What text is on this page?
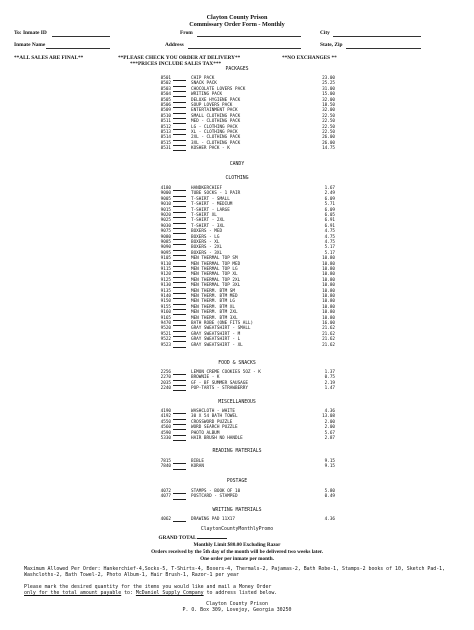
Clayton County Prison
Commissary Order Form - Monthly
To: Inmate ID	From	City
Inmate Name	Address	State, Zip
**ALL SALES ARE FINAL**	**PLEASE CHECK YOU ORDER AT DELIVERY**
***PRICES INCLUDE SALES TAX***
**NO EXCHANGES **
PACKAGES
CANDY
CLOTHING
FOOD & SNACKS
MISCELLANEOUS
READING MATERIALS
POSTAGE
WRITING MATERIALS
ClaytonCountyMonthlyPromo
8501	CHIP PACK	23.00
8502	SNACK PACK	25.25
8503	CHOCOLATE LOVERS PACK	31.00
8504	WRITING PACK	15.00
8505	DELUXE HYGIENE PACK	32.00
8506	SOUP LOVERS PACK	18.50
8509	ENTERTAINMENT PACK	32.00
8510	SMALL CLOTHING PACK	22.50
8511	MED - CLOTHING PACK	22.50
8512	LG - CLOTHING PACK	22.50
8513	XL - CLOTHING PACK	22.50
8514	2XL - CLOTHING PACK	26.00
8515	3XL - CLOTHING PACK	26.00
8531	KOSHER PACK - K	14.75
4180	HANDKERCHIEF	1.67
9000	TUBE SOCKS - 1 PAIR	2.49
9005	T-SHIRT - SMALL	6.09
9010	T-SHIRT - MEDIUM	5.71
9015	T-SHIRT - LARGE	6.09
9020	T-SHIRT XL	6.05
9025	T-SHIRT - 2XL	6.91
9030	T-SHIRT - 3XL	6.91
9075	BOXERS - MED	4.75
9080	BOXERS - LG	4.75
9085	BOXERS - XL	4.75
9090	BOXERS - 2XL	5.17
9095	BOXERS - 3XL	5.17
9105	MEN THERMAL TOP SM	10.80
9110	MEN THERMAL TOP MED	10.80
9115	MEN THERMAL TOP LG	10.80
9120	MEN THERMAL TOP XL	10.80
9125	MEN THERMAL TOP 2XL	10.80
9130	MEN THERMAL TOP 3XL	10.80
9135	MEN THERM. BTM SM	10.80
9140	MEN THERM. BTM MED	10.80
9150	MEN THERM. BTM LG	10.80
9155	MEN THERM. BTM XL	10.80
9160	MEN THERM. BTM 2XL	10.80
9165	MEN THERM. BTM 3XL	10.80
9470	BATH ROBE (ONE FITS ALL)	16.00
9520	GRAY SWEATSHIRT - SMALL	21.62
9521	GRAY SWEATSHIRT - M	21.62
9522	GRAY SWEATSHIRT - L	21.62
9523	GRAY SWEATSHIRT - XL	21.62
2256	LEMON CREME COOKIES 5OZ - K	1.37
2270	BROWNIE - K	0.75
2035	GF - BF SUMMER SAUSAGE	2.19
2240	POP-TARTS - STRAWBERRY	1.47
4190	WASHCLOTH - WHITE	4.36
4192	30 X 54 BATH TOWEL	13.08
4550	CROSSWORD PUZZLE	2.00
4560	WORD SEARCH PUZZLE	2.00
4590	PHOTO ALBUM	5.67
5330	HAIR BRUSH NO HANDLE	2.87
7815	BIBLE	9.15
7840	KORAN	9.15
4072	STAMPS - BOOK OF 10	5.80
4077	POSTCARD - STAMPED	0.49
4062	DRAWING PAD 11X17	4.36
GRAND TOTAL
Monthly Limit $80.00 Excluding Razor
Orders received by the 5th day of the month will be delivered two weeks later.
One order per inmate per month.
Maximum Allowed Per Order: Hankerchief-4,Socks-5, T-Shirts-4, Boxers-4, Thermals-2, Pajamas-2, Bath Robe-1, Stamps-2 books of 10, Sketch Pad-1, Washcloths-2, Bath Towel-2, Photo Album-1, Hair Brush-1, Razor-1 per year
Please mark the desired quantity for the items you would like and mail a Money Order
only for the total amount payable to: McDaniel Supply Company to address listed below.
Clayton County Prison
P. O. Box 309, Lovejoy, Georgia 30250
